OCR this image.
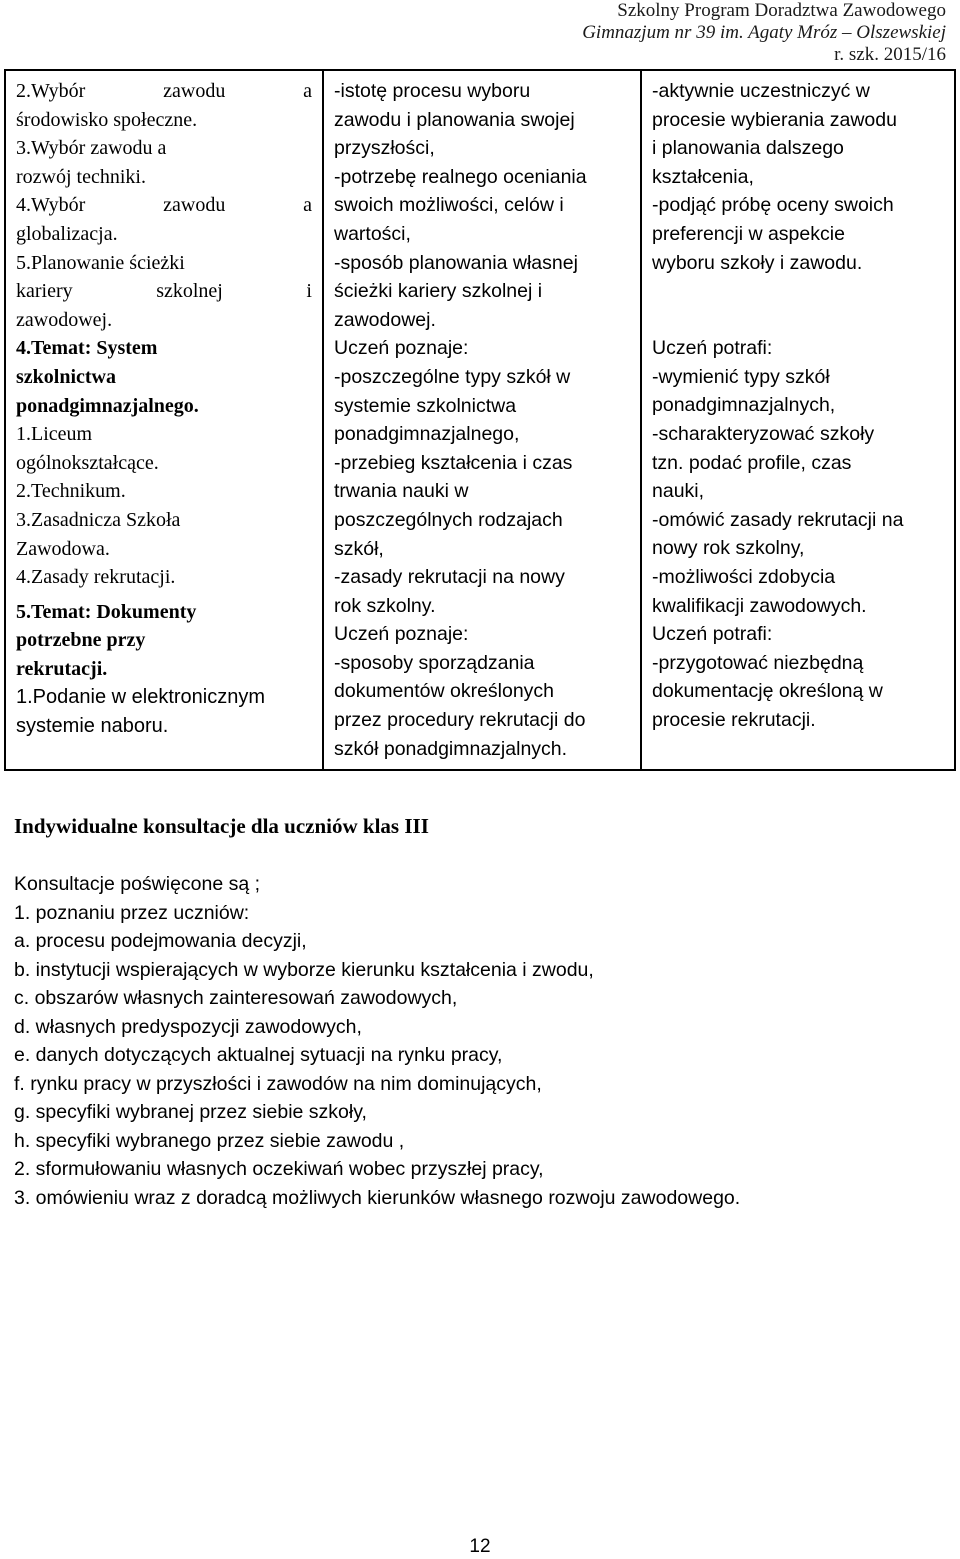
Szkolny Program Doradztwa Zawodowego
Gimnazjum nr 39 im. Agaty Mróz – Olszewskiej
r. szk. 2015/16
2.Wybór	zawodu	a
środowisko społeczne.
3.Wybór zawodu a
rozwój techniki.
4.Wybór	zawodu	a
globalizacja.
5.Planowanie ścieżki
kariery	szkolnej	i
zawodowej.
4.Temat: System
szkolnictwa
ponadgimnazjalnego.
1.Liceum
ogólnokształcące.
2.Technikum.
3.Zasadnicza Szkoła
Zawodowa.
4.Zasady rekrutacji.
5.Temat: Dokumenty
potrzebne przy
rekrutacji.
1.Podanie w elektronicznym
systemie naboru.

-istotę procesu wyboru
zawodu i planowania swojej
przyszłości,
-potrzebę realnego oceniania
swoich możliwości, celów i
wartości,
-sposób planowania własnej
ścieżki kariery szkolnej i
zawodowej.
Uczeń poznaje:
-poszczególne typy szkół w
systemie szkolnictwa
ponadgimnazjalnego,
-przebieg kształcenia i czas
trwania nauki w
poszczególnych rodzajach
szkół,
-zasady rekrutacji na nowy
rok szkolny.
Uczeń poznaje:
-sposoby sporządzania
dokumentów określonych
przez procedury rekrutacji do
szkół ponadgimnazjalnych.

-aktywnie uczestniczyć w
procesie wybierania zawodu
i planowania dalszego
kształcenia,
-podjąć próbę oceny swoich
preferencji w aspekcie
wyboru szkoły i zawodu.
Uczeń potrafi:
-wymienić typy szkół
ponadgimnazjalnych,
-scharakteryzować szkoły
tzn. podać profile, czas
nauki,
-omówić zasady rekrutacji na
nowy rok szkolny,
-możliwości zdobycia
kwalifikacji zawodowych.
Uczeń potrafi:
-przygotować niezbędną
dokumentację określoną w
procesie rekrutacji.
Indywidualne konsultacje dla uczniów klas III
Konsultacje poświęcone są ;
1. poznaniu przez uczniów:
a. procesu podejmowania decyzji,
b. instytucji wspierających w wyborze kierunku kształcenia i zwodu,
c. obszarów własnych zainteresowań zawodowych,
d. własnych predyspozycji zawodowych,
e. danych dotyczących aktualnej sytuacji na rynku pracy,
f. rynku pracy w przyszłości i zawodów na nim dominujących,
g. specyfiki wybranej przez siebie szkoły,
h. specyfiki wybranego przez siebie zawodu ,
2. sformułowaniu własnych oczekiwań wobec przyszłej pracy,
3. omówieniu wraz z doradcą możliwych kierunków własnego rozwoju zawodowego.
12
